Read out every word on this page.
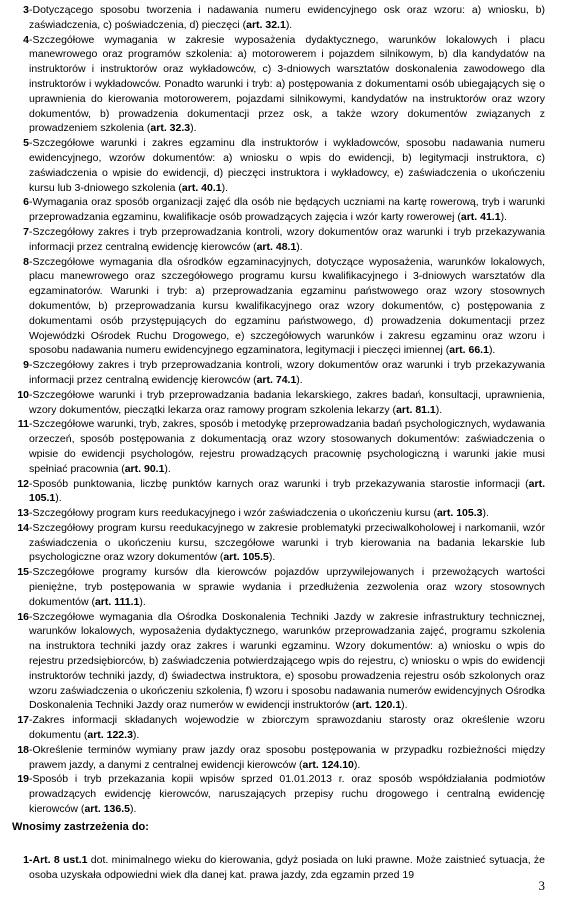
3 -Dotyczącego sposobu tworzenia i nadawania numeru ewidencyjnego osk oraz wzoru: a) wniosku, b) zaświadczenia, c) poświadczenia, d) pieczęci (art. 32.1).
4 -Szczegółowe wymagania w zakresie wyposażenia dydaktycznego, warunków lokalowych i placu manewrowego oraz programów szkolenia: a) motorowerem i pojazdem silnikowym, b) dla kandydatów na instruktorów i instruktorów oraz wykładowców, c) 3-dniowych warsztatów doskonalenia zawodowego dla instruktorów i wykładowców. Ponadto warunki i tryb: a) postępowania z dokumentami osób ubiegających się o uprawnienia do kierowania motorowerem, pojazdami silnikowymi, kandydatów na instruktorów oraz wzory dokumentów, b) prowadzenia dokumentacji przez osk, a także wzory dokumentów związanych z prowadzeniem szkolenia (art. 32.3).
5 -Szczegółowe warunki i zakres egzaminu dla instruktorów i wykładowców, sposobu nadawania numeru ewidencyjnego, wzorów dokumentów: a) wniosku o wpis do ewidencji, b) legitymacji instruktora, c) zaświadczenia o wpisie do ewidencji, d) pieczęci instruktora i wykładowcy, e) zaświadczenia o ukończeniu kursu lub 3-dniowego szkolenia (art. 40.1).
6 -Wymagania oraz sposób organizacji zajęć dla osób nie będących uczniami na kartę rowerową, tryb i warunki przeprowadzania egzaminu, kwalifikacje osób prowadzących zajęcia i wzór karty rowerowej (art. 41.1).
7 -Szczegółowy zakres i tryb przeprowadzania kontroli, wzory dokumentów oraz warunki i tryb przekazywania informacji przez centralną ewidencję kierowców (art. 48.1).
8 -Szczegółowe wymagania dla ośrodków egzaminacyjnych, dotyczące wyposażenia, warunków lokalowych, placu manewrowego oraz szczegółowego programu kursu kwalifikacyjnego i 3-dniowych warsztatów dla egzaminatorów. Warunki i tryb: a) przeprowadzania egzaminu państwowego oraz wzory stosownych dokumentów, b) przeprowadzania kursu kwalifikacyjnego oraz wzory dokumentów, c) postępowania z dokumentami osób przystępujących do egzaminu państwowego, d) prowadzenia dokumentacji przez Wojewódzki Ośrodek Ruchu Drogowego, e) szczegółowych warunków i zakresu egzaminu oraz wzoru i sposobu nadawania numeru ewidencyjnego egzaminatora, legitymacji i pieczęci imiennej (art. 66.1).
9 -Szczegółowy zakres i tryb przeprowadzania kontroli, wzory dokumentów oraz warunki i tryb przekazywania informacji przez centralną ewidencję kierowców (art. 74.1).
10 -Szczegółowe warunki i tryb przeprowadzania badania lekarskiego, zakres badań, konsultacji, uprawnienia, wzory dokumentów, pieczątki lekarza oraz ramowy program szkolenia lekarzy (art. 81.1).
11 -Szczegółowe warunki, tryb, zakres, sposób i metodykę przeprowadzania badań psychologicznych, wydawania orzeczeń, sposób postępowania z dokumentacją oraz wzory stosowanych dokumentów: zaświadczenia o wpisie do ewidencji psychologów, rejestru prowadzących pracownię psychologiczną i warunki jakie musi spełniać pracownia (art. 90.1).
12 -Sposób punktowania, liczbę punktów karnych oraz warunki i tryb przekazywania starostie informacji (art. 105.1).
13 -Szczegółowy program kurs reedukacyjnego i wzór zaświadczenia o ukończeniu kursu (art. 105.3).
14 -Szczegółowy program kursu reedukacyjnego w zakresie problematyki przeciwalkoholowej i narkomanii, wzór zaświadczenia o ukończeniu kursu, szczegółowe warunki i tryb kierowania na badania lekarskie lub psychologiczne oraz wzory dokumentów (art. 105.5).
15 -Szczegółowe programy kursów dla kierowców pojazdów uprzywilejowanych i przewożących wartości pieniężne, tryb postępowania w sprawie wydania i przedłużenia zezwolenia oraz wzory stosownych dokumentów (art. 111.1).
16 -Szczegółowe wymagania dla Ośrodka Doskonalenia Techniki Jazdy w zakresie infrastruktury technicznej, warunków lokalowych, wyposażenia dydaktycznego, warunków przeprowadzania zajęć, programu szkolenia na instruktora techniki jazdy oraz zakres i warunki egzaminu. Wzory dokumentów: a) wniosku o wpis do rejestru przedsiębiorców, b) zaświadczenia potwierdzającego wpis do rejestru, c) wniosku o wpis do ewidencji instruktorów techniki jazdy, d) świadectwa instruktora, e) sposobu prowadzenia rejestru osób szkolonych oraz wzoru zaświadczenia o ukończeniu szkolenia, f) wzoru i sposobu nadawania numerów ewidencyjnych Ośrodka Doskonalenia Techniki Jazdy oraz numerów w ewidencji instruktorów (art. 120.1).
17 -Zakres informacji składanych wojewodzie w zbiorczym sprawozdaniu starosty oraz określenie wzoru dokumentu (art. 122.3).
18 -Określenie terminów wymiany praw jazdy oraz sposobu postępowania w przypadku rozbieżności między prawem jazdy, a danymi z centralnej ewidencji kierowców (art. 124.10).
19 -Sposób i tryb przekazania kopii wpisów sprzed 01.01.2013 r. oraz sposób współdziałania podmiotów prowadzących ewidencję kierowców, naruszających przepisy ruchu drogowego i centralną ewidencję kierowców (art. 136.5).
Wnosimy zastrzeżenia do:
1 -Art. 8 ust.1 dot. minimalnego wieku do kierowania, gdyż posiada on luki prawne. Może zaistnieć sytuacja, że osoba uzyskała odpowiedni wiek dla danej kat. prawa jazdy, zda egzamin przed 19
3
